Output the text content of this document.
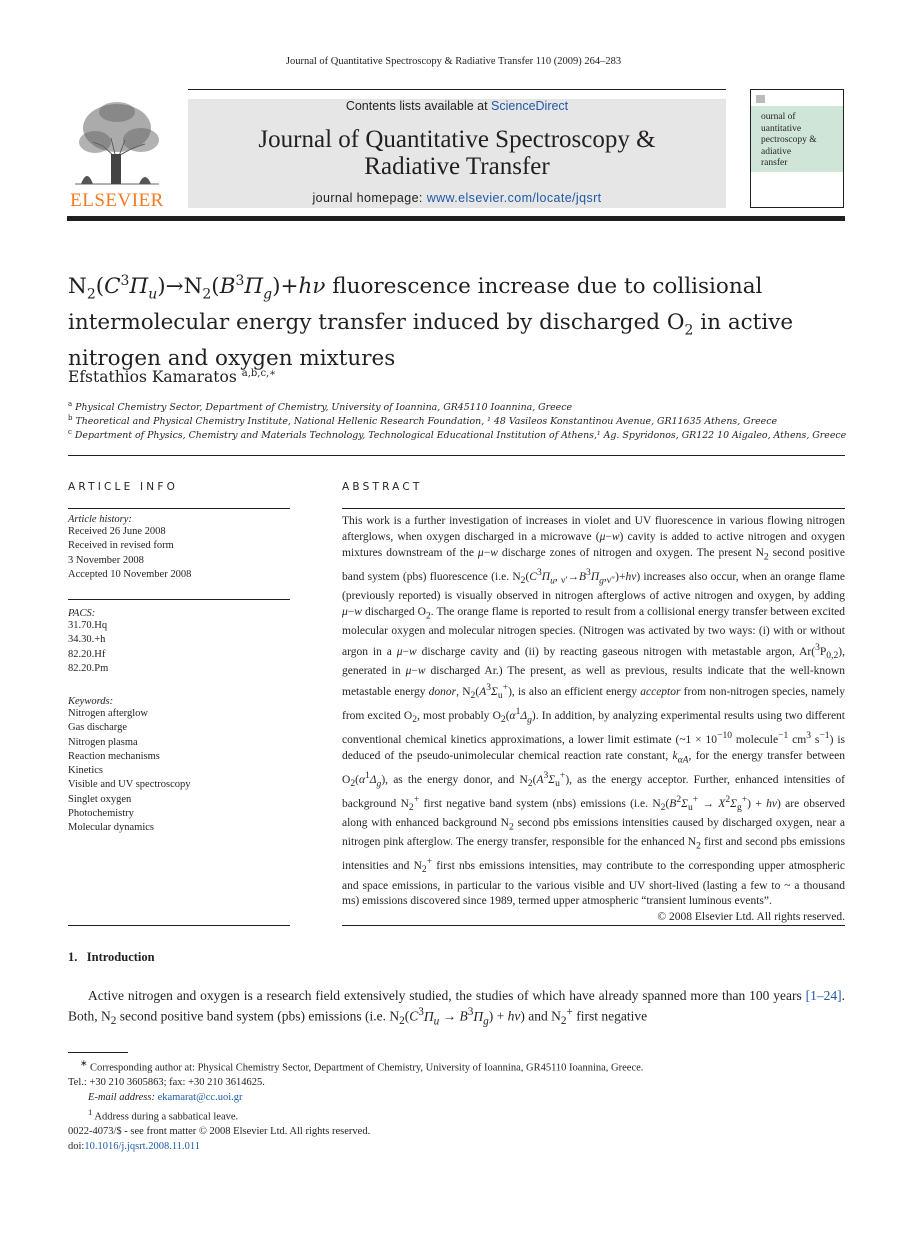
Journal of Quantitative Spectroscopy & Radiative Transfer 110 (2009) 264–283
ELSEVIER
Contents lists available at ScienceDirect
Journal of Quantitative Spectroscopy &
Radiative Transfer
journal homepage: www.elsevier.com/locate/jqsrt
ournal of
uantitative
pectroscopy &
adiative
ransfer
$N_2(C^3\Pi_u)\to N_2(B^3\Pi_g)+h\nu$ fluorescence increase due to collisional
intermolecular energy transfer induced by discharged $O_2$ in active
nitrogen and oxygen mixtures
Efstathios Kamaratos $^{a,b,c,∗}$
$^a$ Physical Chemistry Sector, Department of Chemistry, University of Ioannina, GR45110 Ioannina, Greece
$^b$ Theoretical and Physical Chemistry Institute, National Hellenic Research Foundation, ¹ 48 Vasileos Konstantinou Avenue, GR11635 Athens, Greece
$^c$ Department of Physics, Chemistry and Materials Technology, Technological Educational Institution of Athens,¹ Ag. Spyridonos, GR122 10 Aigaleo, Athens, Greece
ARTICLE INFO
Article history:
Received 26 June 2008
Received in revised form
3 November 2008
Accepted 10 November 2008
PACS:
31.70.Hq
34.30.+h
82.20.Hf
82.20.Pm
Keywords:
Nitrogen afterglow
Gas discharge
Nitrogen plasma
Reaction mechanisms
Kinetics
Visible and UV spectroscopy
Singlet oxygen
Photochemistry
Molecular dynamics
ABSTRACT
This work is a further investigation of increases in violet and UV fluorescence in various flowing nitrogen afterglows, when oxygen discharged in a microwave (μ−w) cavity is added to active nitrogen and oxygen mixtures downstream of the μ−w discharge zones of nitrogen and oxygen. The present $N_2$ second positive band system (pbs) fluorescence (i.e. $N_2(C^3\Pi_u$, $_{\nu'}\to B^3\Pi_g,_{\nu''})+h\nu$) increases also occur, when an orange flame (previously reported) is visually observed in nitrogen afterglows of active nitrogen and oxygen, by adding μ−w discharged $O_2$. The orange flame is reported to result from a collisional energy transfer between excited molecular oxygen and molecular nitrogen species. (Nitrogen was activated by two ways: (i) with or without argon in a μ−w discharge cavity and (ii) by reacting gaseous nitrogen with metastable argon, $Ar(^3P_{0,2})$, generated in μ−w discharged Ar.) The present, as well as previous, results indicate that the well-known metastable energy donor, $N_2(A^3\Sigma_u^+)$, is also an efficient energy acceptor from non-nitrogen species, namely from excited $O_2$, most probably $O_2(\alpha^1\Delta_g)$. In addition, by analyzing experimental results using two different conventional chemical kinetics approximations, a lower limit estimate (~1 × $10^{-10}$ molecule$^{-1}$ $cm^3$ $s^{-1}$) is deduced of the pseudo-unimolecular chemical reaction rate constant, $k_{\alpha A}$, for the energy transfer between $O_2(\alpha^1\Delta_g)$, as the energy donor, and $N_2(A^3\Sigma_u^+)$, as the energy acceptor. Further, enhanced intensities of background $N_2^+$ first negative band system (nbs) emissions (i.e. $N_2(B^2\Sigma_u^+ \to X^2\Sigma_g^+) + h\nu$) are observed along with enhanced background $N_2$ second pbs emissions intensities caused by discharged oxygen, near a nitrogen pink afterglow. The energy transfer, responsible for the enhanced $N_2$ first and second pbs emissions intensities and $N_2^+$ first nbs emissions intensities, may contribute to the corresponding upper atmospheric and space emissions, in particular to the various visible and UV short-lived (lasting a few to ~ a thousand ms) emissions discovered since 1989, termed upper atmospheric “transient luminous events”.
© 2008 Elsevier Ltd. All rights reserved.
1. Introduction
Active nitrogen and oxygen is a research field extensively studied, the studies of which have already spanned more than 100 years [1–24]. Both, $N_2$ second positive band system (pbs) emissions (i.e. $N_2(C^3\Pi_u \to B^3\Pi_g) + h\nu$) and $N_2^+$ first negative
∗ Corresponding author at: Physical Chemistry Sector, Department of Chemistry, University of Ioannina, GR45110 Ioannina, Greece.
Tel.: +30 210 3605863; fax: +30 210 3614625.
E-mail address: ekamarat@cc.uoi.gr
$^1$ Address during a sabbatical leave.
0022-4073/$ - see front matter © 2008 Elsevier Ltd. All rights reserved.
doi:10.1016/j.jqsrt.2008.11.011
